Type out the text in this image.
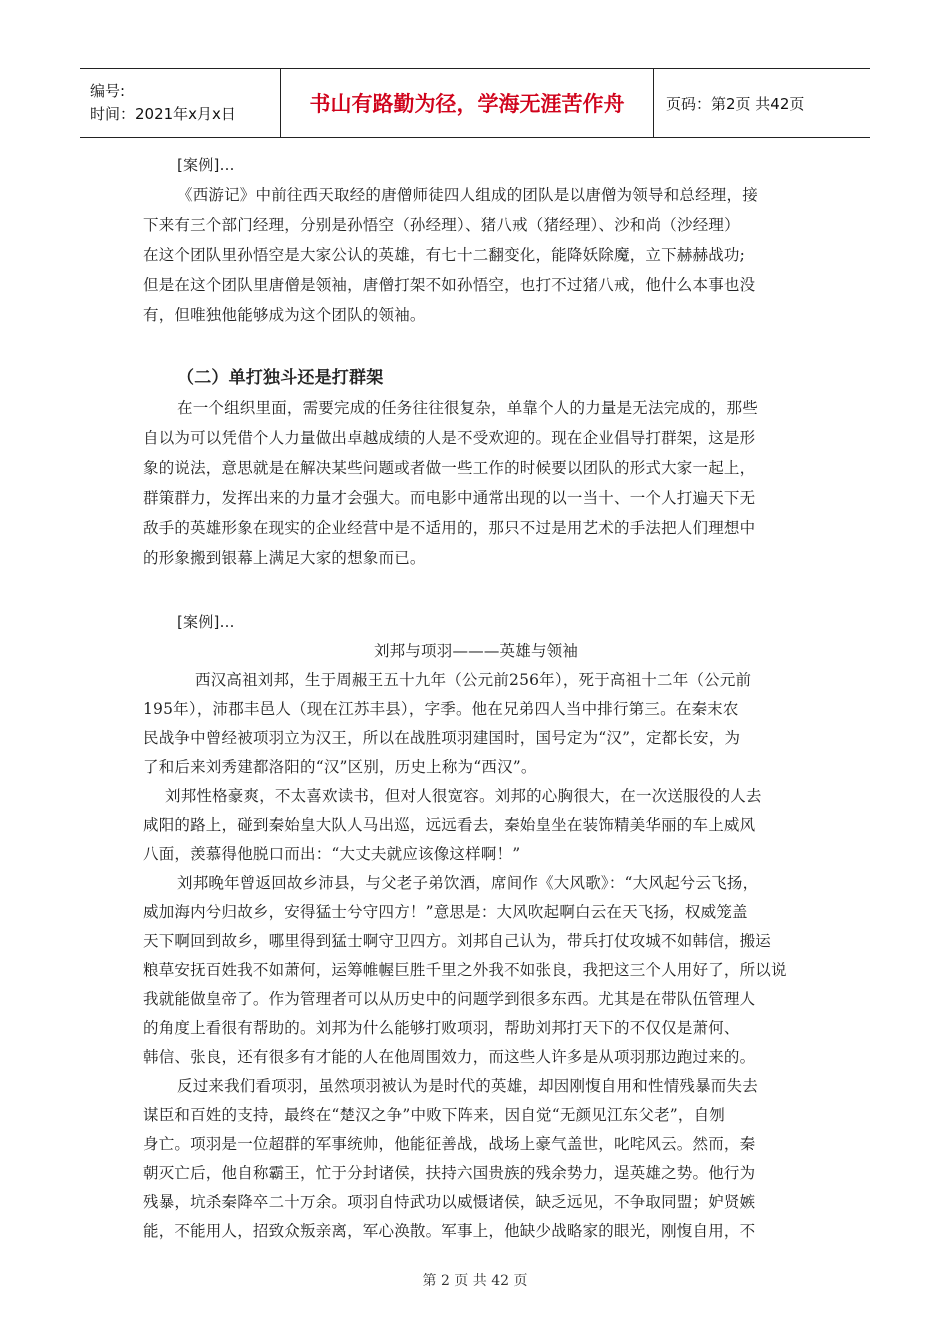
编号:
时间：2021年x月x日	书山有路勤为径，学海无涯苦作舟	页码：第2页 共42页
[案例]…
《西游记》中前往西天取经的唐僧师徒四人组成的团队是以唐僧为领导和总经理，接
下来有三个部门经理，分别是孙悟空（孙经理）、猪八戒（猪经理）、沙和尚（沙经理）
在这个团队里孙悟空是大家公认的英雄，有七十二翻变化，能降妖除魔，立下赫赫战功;
但是在这个团队里唐僧是领袖，唐僧打架不如孙悟空，也打不过猪八戒，他什么本事也没
有，但唯独他能够成为这个团队的领袖。
（二）单打独斗还是打群架
在一个组织里面，需要完成的任务往往很复杂，单靠个人的力量是无法完成的，那些
自以为可以凭借个人力量做出卓越成绩的人是不受欢迎的。现在企业倡导打群架，这是形
象的说法，意思就是在解决某些问题或者做一些工作的时候要以团队的形式大家一起上，
群策群力，发挥出来的力量才会强大。而电影中通常出现的以一当十、一个人打遍天下无
敌手的英雄形象在现实的企业经营中是不适用的，那只不过是用艺术的手法把人们理想中
的形象搬到银幕上满足大家的想象而已。
[案例]…
刘邦与项羽———英雄与领袖
西汉高祖刘邦，生于周赧王五十九年（公元前256年），死于高祖十二年（公元前
195年），沛郡丰邑人（现在江苏丰县），字季。他在兄弟四人当中排行第三。在秦末农
民战争中曾经被项羽立为汉王，所以在战胜项羽建国时，国号定为“汉”，定都长安，为
了和后来刘秀建都洛阳的“汉”区别，历史上称为“西汉”。
刘邦性格豪爽，不太喜欢读书，但对人很宽容。刘邦的心胸很大，在一次送服役的人去
咸阳的路上，碰到秦始皇大队人马出巡，远远看去，秦始皇坐在装饰精美华丽的车上威风
八面，羡慕得他脱口而出：“大丈夫就应该像这样啊！”
刘邦晚年曾返回故乡沛县，与父老子弟饮酒，席间作《大风歌》：“大风起兮云飞扬，
威加海内兮归故乡，安得猛士兮守四方！”意思是：大风吹起啊白云在天飞扬，权威笼盖
天下啊回到故乡，哪里得到猛士啊守卫四方。刘邦自己认为，带兵打仗攻城不如韩信，搬运
粮草安抚百姓我不如萧何，运筹帷幄巨胜千里之外我不如张良，我把这三个人用好了，所以说
我就能做皇帝了。作为管理者可以从历史中的问题学到很多东西。尤其是在带队伍管理人
的角度上看很有帮助的。刘邦为什么能够打败项羽，帮助刘邦打天下的不仅仅是萧何、
韩信、张良，还有很多有才能的人在他周围效力，而这些人许多是从项羽那边跑过来的。
反过来我们看项羽，虽然项羽被认为是时代的英雄，却因刚愎自用和性情残暴而失去
谋臣和百姓的支持，最终在“楚汉之争”中败下阵来，因自觉“无颜见江东父老”，自刎
身亡。项羽是一位超群的军事统帅，他能征善战，战场上豪气盖世，叱咤风云。然而，秦
朝灭亡后，他自称霸王，忙于分封诸侯，扶持六国贵族的残余势力，逞英雄之势。他行为
残暴，坑杀秦降卒二十万余。项羽自恃武功以威慑诸侯，缺乏远见，不争取同盟；妒贤嫉
能，不能用人，招致众叛亲离，军心涣散。军事上，他缺少战略家的眼光，刚愎自用，不
第 2 页 共 42 页
